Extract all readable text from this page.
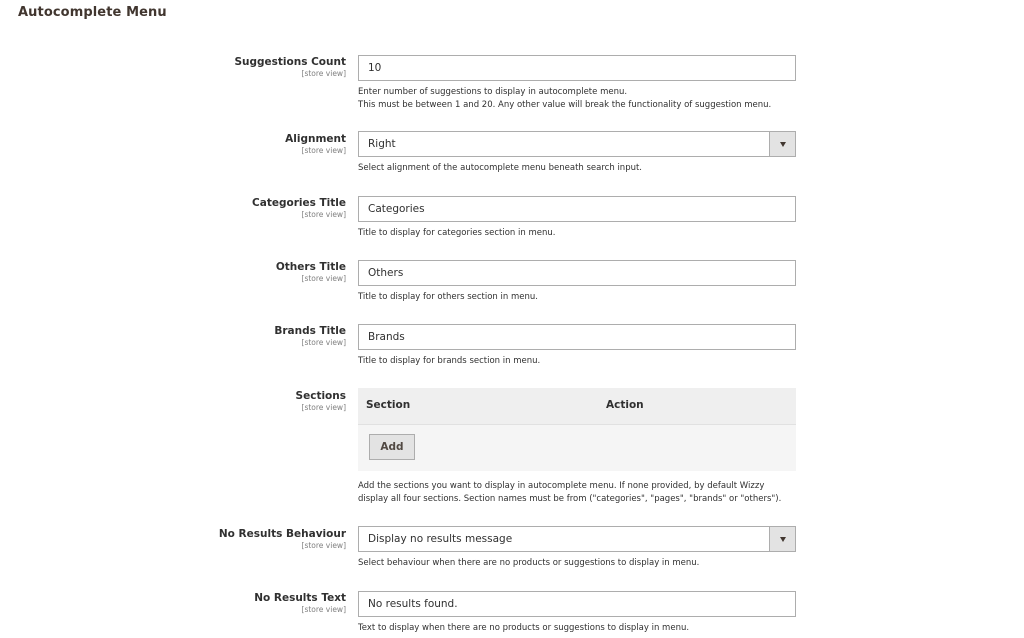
Autocomplete Menu
Suggestions Count
[store view]
10
Enter number of suggestions to display in autocomplete menu.
This must be between 1 and 20. Any other value will break the functionality of suggestion menu.
Alignment
[store view]
Right
Select alignment of the autocomplete menu beneath search input.
Categories Title
[store view]
Categories
Title to display for categories section in menu.
Others Title
[store view]
Others
Title to display for others section in menu.
Brands Title
[store view]
Brands
Title to display for brands section in menu.
Sections
[store view] Section	Action
Add
Add the sections you want to display in autocomplete menu. If none provided, by default Wizzy
display all four sections. Section names must be from ("categories", "pages", "brands" or "others").
No Results Behaviour
[store view]
Display no results message
Select behaviour when there are no products or suggestions to display in menu.
No Results Text
[store view]
No results found.
Text to display when there are no products or suggestions to display in menu.
